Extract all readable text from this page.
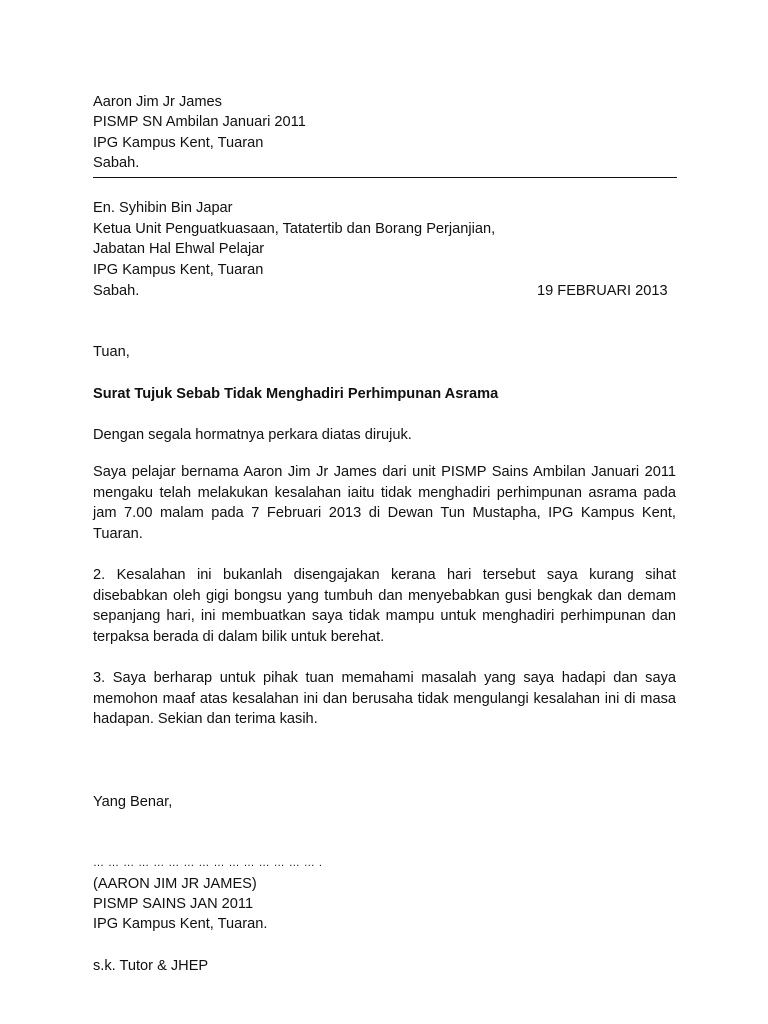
Aaron Jim Jr James
PISMP SN Ambilan Januari 2011
IPG Kampus Kent, Tuaran
Sabah.
En. Syhibin Bin Japar
Ketua Unit Penguatkuasaan, Tatatertib dan Borang Perjanjian,
Jabatan Hal Ehwal Pelajar
IPG Kampus Kent, Tuaran
Sabah.	19 FEBRUARI 2013
Tuan,
Surat Tujuk Sebab Tidak Menghadiri Perhimpunan Asrama
Dengan segala hormatnya perkara diatas dirujuk.
Saya pelajar bernama Aaron Jim Jr James dari unit PISMP Sains Ambilan Januari 2011 mengaku telah melakukan kesalahan iaitu tidak menghadiri perhimpunan asrama pada jam 7.00 malam pada 7 Februari 2013 di Dewan Tun Mustapha, IPG Kampus Kent, Tuaran.
2. Kesalahan ini bukanlah disengajakan kerana hari tersebut saya kurang sihat disebabkan oleh gigi bongsu yang tumbuh dan menyebabkan gusi bengkak dan demam sepanjang hari, ini membuatkan saya tidak mampu untuk menghadiri perhimpunan dan terpaksa berada di dalam bilik untuk berehat.
3. Saya berharap untuk pihak tuan memahami masalah yang saya hadapi dan saya memohon maaf atas kesalahan ini dan berusaha tidak mengulangi kesalahan ini di masa hadapan. Sekian dan terima kasih.
Yang Benar,
… … … … … … … … … … … … … … … .
(AARON JIM JR JAMES)
PISMP SAINS JAN 2011
IPG Kampus Kent, Tuaran.
s.k. Tutor & JHEP
